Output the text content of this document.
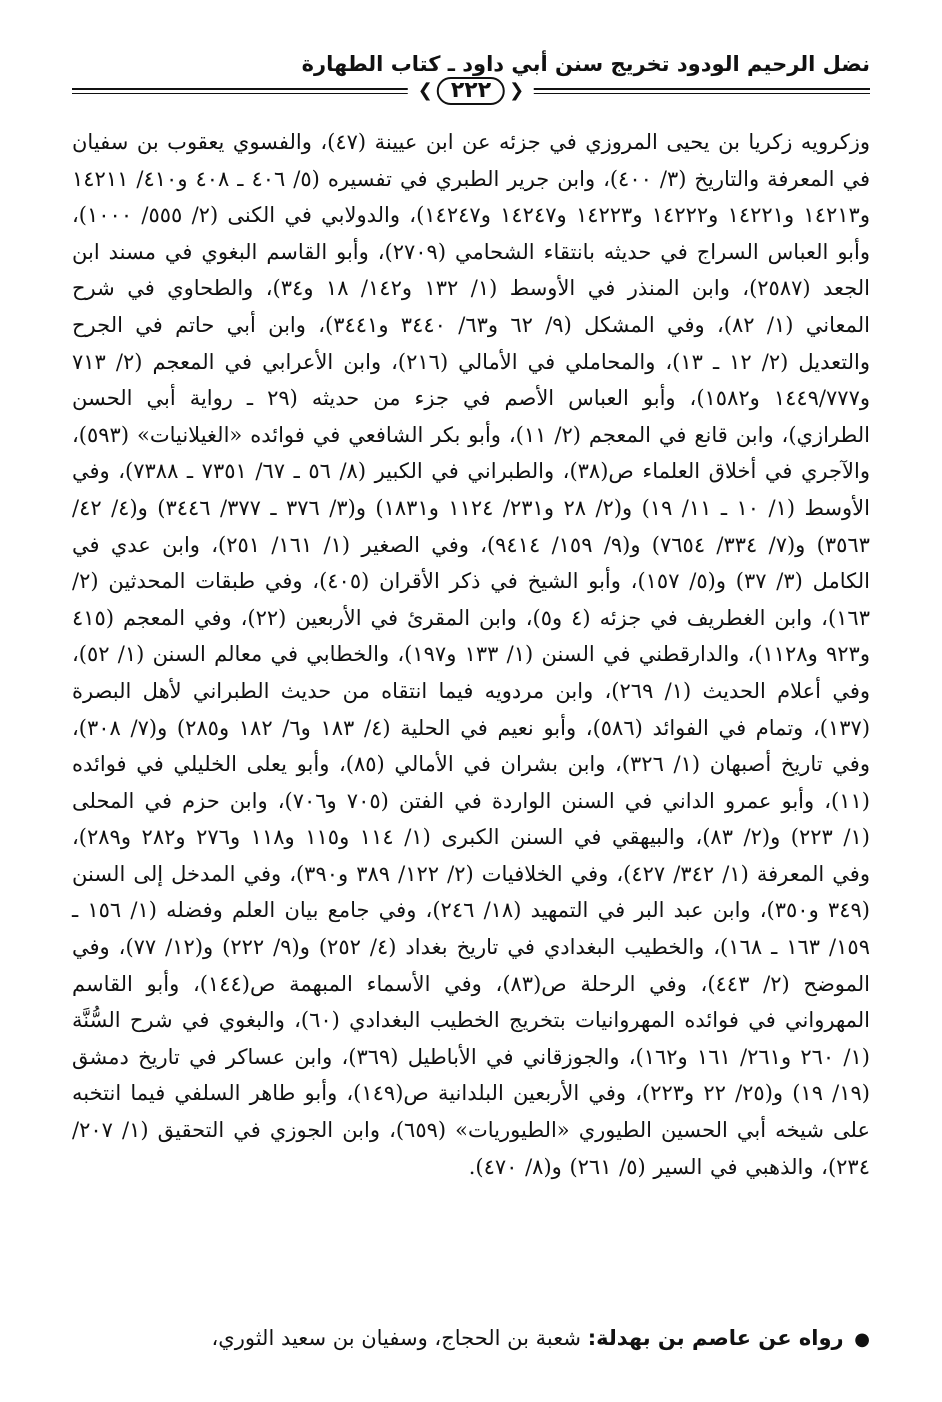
نضل الرحيم الودود تخريج سنن أبي داود ـ كتاب الطهارة
❮ ٢٢٢	❯
وزكرويه زكريا بن يحيى المروزي في جزئه عن ابن عيينة (٤٧)، والفسوي يعقوب بن سفيان في المعرفة والتاريخ (٣/ ٤٠٠)، وابن جرير الطبري في تفسيره (٥/ ٤٠٦ ـ ٤٠٨ و٤١٠/ ١٤٢١١ و١٤٢١٣ و١٤٢٢١ و١٤٢٢٢ و١٤٢٢٣ و١٤٢٤٧ و١٤٢٤٧)، والدولابي في الكنى (٢/ ٥٥٥/ ١٠٠٠)، وأبو العباس السراج في حديثه بانتقاء الشحامي (٢٧٠٩)، وأبو القاسم البغوي في مسند ابن الجعد (٢٥٨٧)، وابن المنذر في الأوسط (١/ ١٣٢ و١٤٢/ ١٨ و٣٤)، والطحاوي في شرح المعاني (١/ ٨٢)، وفي المشكل (٩/ ٦٢ و٦٣/ ٣٤٤٠ و٣٤٤١)، وابن أبي حاتم في الجرح والتعديل (٢/ ١٢ ـ ١٣)، والمحاملي في الأمالي (٢١٦)، وابن الأعرابي في المعجم (٢/ ٧١٣ و١٤٤٩/٧٧٧ و١٥٨٢)، وأبو العباس الأصم في جزء من حديثه (٢٩ ـ رواية أبي الحسن الطرازي)، وابن قانع في المعجم (٢/ ١١)، وأبو بكر الشافعي في فوائده «الغيلانيات» (٥٩٣)، والآجري في أخلاق العلماء ص(٣٨)، والطبراني في الكبير (٨/ ٥٦ ـ ٦٧/ ٧٣٥١ ـ ٧٣٨٨)، وفي الأوسط (١/ ١٠ ـ ١١/ ١٩) و(٢/ ٢٨ و٢٣١/ ١١٢٤ و١٨٣١) و(٣/ ٣٧٦ ـ ٣٧٧/ ٣٤٤٦) و(٤/ ٤٢/ ٣٥٦٣) و(٧/ ٣٣٤/ ٧٦٥٤) و(٩/ ١٥٩/ ٩٤١٤)، وفي الصغير (١/ ١٦١/ ٢٥١)، وابن عدي في الكامل (٣/ ٣٧) و(٥/ ١٥٧)، وأبو الشيخ في ذكر الأقران (٤٠٥)، وفي طبقات المحدثين (٢/ ١٦٣)، وابن الغطريف في جزئه (٤ و٥)، وابن المقرئ في الأربعين (٢٢)، وفي المعجم (٤١٥ و٩٢٣ و١١٢٨)، والدارقطني في السنن (١/ ١٣٣ و١٩٧)، والخطابي في معالم السنن (١/ ٥٢)، وفي أعلام الحديث (١/ ٢٦٩)، وابن مردويه فيما انتقاه من حديث الطبراني لأهل البصرة (١٣٧)، وتمام في الفوائد (٥٨٦)، وأبو نعيم في الحلية (٤/ ١٨٣ و٦/ ١٨٢ و٢٨٥) و(٧/ ٣٠٨)، وفي تاريخ أصبهان (١/ ٣٢٦)، وابن بشران في الأمالي (٨٥)، وأبو يعلى الخليلي في فوائده (١١)، وأبو عمرو الداني في السنن الواردة في الفتن (٧٠٥ و٧٠٦)، وابن حزم في المحلى (١/ ٢٢٣) و(٢/ ٨٣)، والبيهقي في السنن الكبرى (١/ ١١٤ و١١٥ و١١٨ و٢٧٦ و٢٨٢ و٢٨٩)، وفي المعرفة (١/ ٣٤٢/ ٤٢٧)، وفي الخلافيات (٢/ ١٢٢/ ٣٨٩ و٣٩٠)، وفي المدخل إلى السنن (٣٤٩ و٣٥٠)، وابن عبد البر في التمهيد (١٨/ ٢٤٦)، وفي جامع بيان العلم وفضله (١/ ١٥٦ ـ ١٥٩/ ١٦٣ ـ ١٦٨)، والخطيب البغدادي في تاريخ بغداد (٤/ ٢٥٢) و(٩/ ٢٢٢) و(١٢/ ٧٧)، وفي الموضح (٢/ ٤٤٣)، وفي الرحلة ص(٨٣)، وفي الأسماء المبهمة ص(١٤٤)، وأبو القاسم المهرواني في فوائده المهروانيات بتخريج الخطيب البغدادي (٦٠)، والبغوي في شرح السُّنَّة (١/ ٢٦٠ و٢٦١/ ١٦١ و١٦٢)، والجوزقاني في الأباطيل (٣٦٩)، وابن عساكر في تاريخ دمشق (١٩/ ١٩) و(٢٥/ ٢٢ و٢٢٣)، وفي الأربعين البلدانية ص(١٤٩)، وأبو طاهر السلفي فيما انتخبه على شيخه أبي الحسين الطيوري «الطيوريات» (٦٥٩)، وابن الجوزي في التحقيق (١/ ٢٠٧/ ٢٣٤)، والذهبي في السير (٥/ ٢٦١) و(٨/ ٤٧٠).
● رواه عن عاصم بن بهدلة: شعبة بن الحجاج، وسفيان بن سعيد الثوري،
